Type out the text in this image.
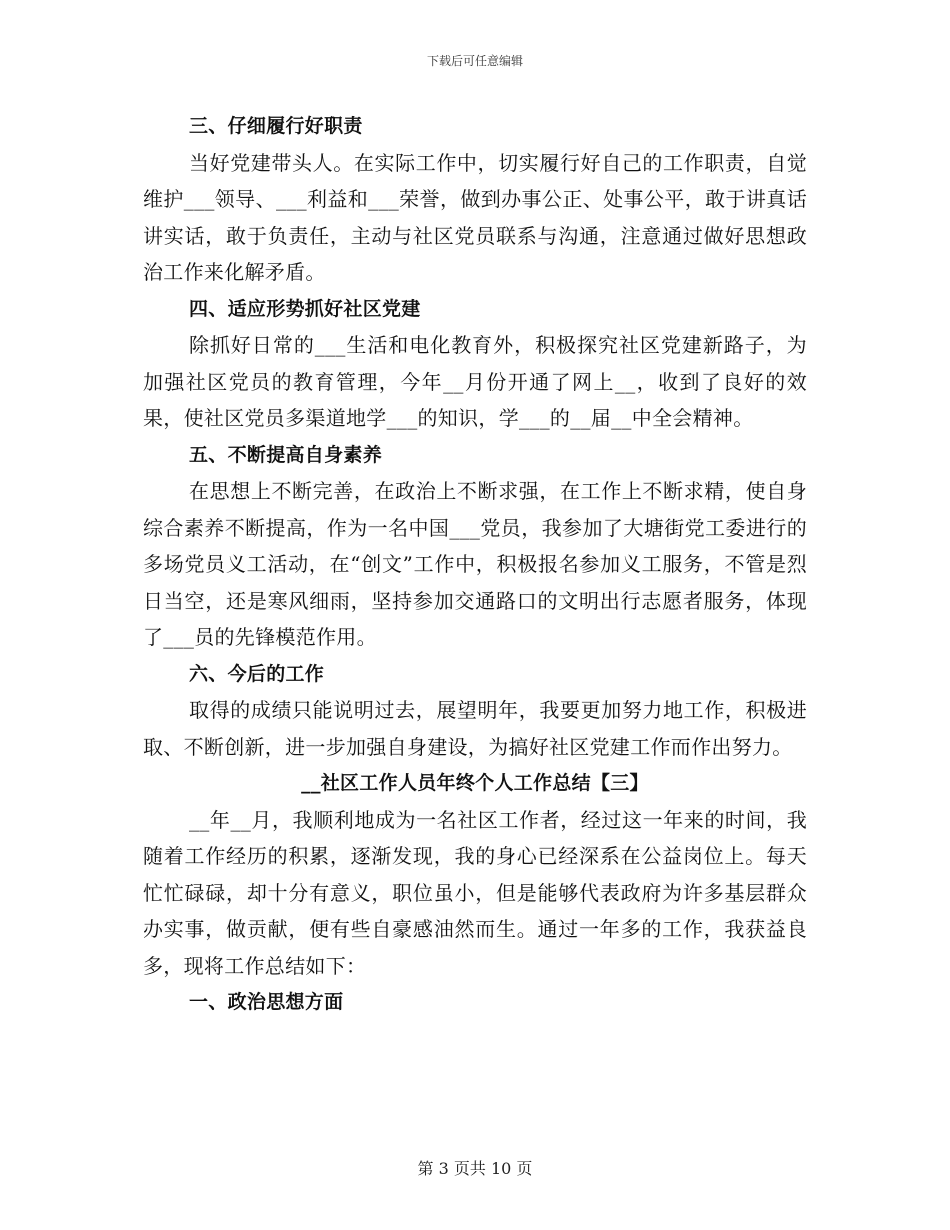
下载后可任意编辑

三、仔细履行好职责

当好党建带头人。在实际工作中，切实履行好自己的工作职责，自觉维护___领导、___利益和___荣誉，做到办事公正、处事公平，敢于讲真话讲实话，敢于负责任，主动与社区党员联系与沟通，注意通过做好思想政治工作来化解矛盾。

四、适应形势抓好社区党建

除抓好日常的___生活和电化教育外，积极探究社区党建新路子，为加强社区党员的教育管理，今年__月份开通了网上__，收到了良好的效果，使社区党员多渠道地学___的知识，学___的__届__中全会精神。

五、不断提高自身素养

在思想上不断完善，在政治上不断求强，在工作上不断求精，使自身综合素养不断提高，作为一名中国___党员，我参加了大塘街党工委进行的多场党员义工活动，在“创文”工作中，积极报名参加义工服务，不管是烈日当空，还是寒风细雨，坚持参加交通路口的文明出行志愿者服务，体现了___员的先锋模范作用。

六、今后的工作

取得的成绩只能说明过去，展望明年，我要更加努力地工作，积极进取、不断创新，进一步加强自身建设，为搞好社区党建工作而作出努力。

__社区工作人员年终个人工作总结【三】

__年__月，我顺利地成为一名社区工作者，经过这一年来的时间，我随着工作经历的积累，逐渐发现，我的身心已经深系在公益岗位上。每天忙忙碌碌，却十分有意义，职位虽小，但是能够代表政府为许多基层群众办实事，做贡献，便有些自豪感油然而生。通过一年多的工作，我获益良多，现将工作总结如下：

一、政治思想方面

第 3 页共 10 页
